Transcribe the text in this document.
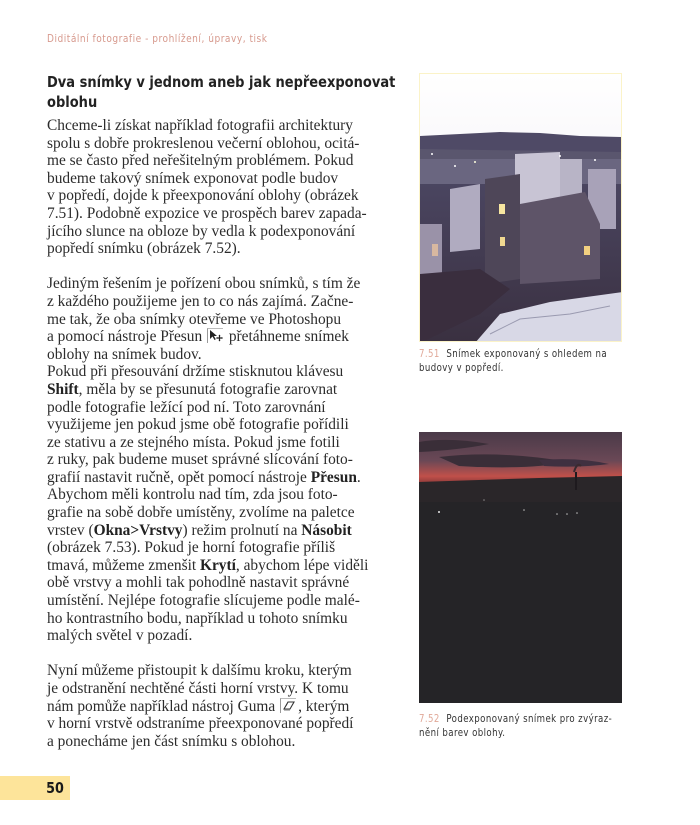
Diditální fotografie - prohlížení, úpravy, tisk
Dva snímky v jednom aneb jak nepřeexponovat
oblohu

Chceme-li získat například fotografii architektury
spolu s dobře prokreslenou večerní oblohou, ocitá-
me se často před neřešitelným problémem. Pokud
budeme takový snímek exponovat podle budov
v popředí, dojde k přeexponování oblohy (obrázek
7.51). Podobně expozice ve prospěch barev zapada-
jícího slunce na obloze by vedla k podexponování
popředí snímku (obrázek 7.52).

Jediným řešením je pořízení obou snímků, s tím že
z každého použijeme jen to co nás zajímá. Začne-
me tak, že oba snímky otevřeme ve Photoshopu
a pomocí nástroje Přesun
přetáhneme snímek
oblohy na snímek budov.

Pokud při přesouvání držíme stisknutou klávesu
Shift, měla by se přesunutá fotografie zarovnat
podle fotografie ležící pod ní. Toto zarovnání
využijeme jen pokud jsme obě fotografie pořídili
ze stativu a ze stejného místa. Pokud jsme fotili
z ruky, pak budeme muset správné slícování foto-
grafií nastavit ručně, opět pomocí nástroje Přesun.
Abychom měli kontrolu nad tím, zda jsou foto-
grafie na sobě dobře umístěny, zvolíme na paletce
vrstev (Okna>Vrstvy) režim prolnutí na Násobit
(obrázek 7.53). Pokud je horní fotografie příliš
tmavá, můžeme zmenšit Krytí, abychom lépe viděli
obě vrstvy a mohli tak pohodlně nastavit správné
umístění. Nejlépe fotografie slícujeme podle malé-
ho kontrastního bodu, například u tohoto snímku
malých světel v pozadí.

Nyní můžeme přistoupit k dalšímu kroku, kterým
je odstranění nechtěné části horní vrstvy. K tomu
nám pomůže například nástroj Guma , kterým
v horní vrstvě odstraníme přeexponované popředí
a ponecháme jen část snímku s oblohou.

7.51 Snímek exponovaný s ohledem na
budovy v popředí.
7.52 Podexponovaný snímek pro zvýraz-
nění barev oblohy.
50
